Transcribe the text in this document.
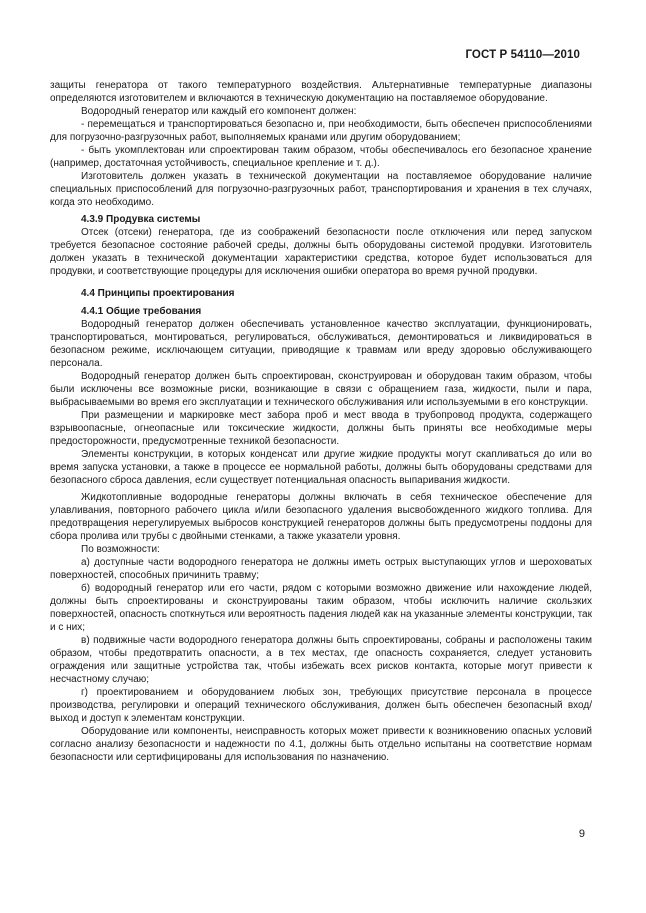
ГОСТ Р 54110—2010

защиты генератора от такого температурного воздействия. Альтернативные температурные диапазоны определяются изготовителем и включаются в техническую документацию на поставляемое оборудование.

Водородный генератор или каждый его компонент должен:

- перемещаться и транспортироваться безопасно и, при необходимости, быть обеспечен приспособлениями для погрузочно-разгрузочных работ, выполняемых кранами или другим оборудованием;

- быть укомплектован или спроектирован таким образом, чтобы обеспечивалось его безопасное хранение (например, достаточная устойчивость, специальное крепление и т. д.).

Изготовитель должен указать в технической документации на поставляемое оборудование наличие специальных приспособлений для погрузочно-разгрузочных работ, транспортирования и хранения в тех случаях, когда это необходимо.

4.3.9 Продувка системы

Отсек (отсеки) генератора, где из соображений безопасности после отключения или перед запуском требуется безопасное состояние рабочей среды, должны быть оборудованы системой продувки. Изготовитель должен указать в технической документации характеристики средства, которое будет использоваться для продувки, и соответствующие процедуры для исключения ошибки оператора во время ручной продувки.

4.4 Принципы проектирования
4.4.1 Общие требования

Водородный генератор должен обеспечивать установленное качество эксплуатации, функционировать, транспортироваться, монтироваться, регулироваться, обслуживаться, демонтироваться и ликвидироваться в безопасном режиме, исключающем ситуации, приводящие к травмам или вреду здоровью обслуживающего персонала.

Водородный генератор должен быть спроектирован, сконструирован и оборудован таким образом, чтобы были исключены все возможные риски, возникающие в связи с обращением газа, жидкости, пыли и пара, выбрасываемыми во время его эксплуатации и технического обслуживания или используемыми в его конструкции.

При размещении и маркировке мест забора проб и мест ввода в трубопровод продукта, содержащего взрывоопасные, огнеопасные или токсические жидкости, должны быть приняты все необходимые меры предосторожности, предусмотренные техникой безопасности.

Элементы конструкции, в которых конденсат или другие жидкие продукты могут скапливаться до или во время запуска установки, а также в процессе ее нормальной работы, должны быть оборудованы средствами для безопасного сброса давления, если существует потенциальная опасность выпаривания жидкости.

Жидкотопливные водородные генераторы должны включать в себя техническое обеспечение для улавливания, повторного рабочего цикла и/или безопасного удаления высвобожденного жидкого топлива. Для предотвращения нерегулируемых выбросов конструкцией генераторов должны быть предусмотрены поддоны для сбора пролива или трубы с двойными стенками, а также указатели уровня.

По возможности:

а) доступные части водородного генератора не должны иметь острых выступающих углов и шероховатых поверхностей, способных причинить травму;

б) водородный генератор или его части, рядом с которыми возможно движение или нахождение людей, должны быть спроектированы и сконструированы таким образом, чтобы исключить наличие скользких поверхностей, опасность споткнуться или вероятность падения людей как на указанные элементы конструкции, так и с них;

в) подвижные части водородного генератора должны быть спроектированы, собраны и расположены таким образом, чтобы предотвратить опасности, а в тех местах, где опасность сохраняется, следует установить ограждения или защитные устройства так, чтобы избежать всех рисков контакта, которые могут привести к несчастному случаю;

г) проектированием и оборудованием любых зон, требующих присутствие персонала в процессе производства, регулировки и операций технического обслуживания, должен быть обеспечен безопасный вход/выход и доступ к элементам конструкции.

Оборудование или компоненты, неисправность которых может привести к возникновению опасных условий согласно анализу безопасности и надежности по 4.1, должны быть отдельно испытаны на соответствие нормам безопасности или сертифицированы для использования по назначению.

9
